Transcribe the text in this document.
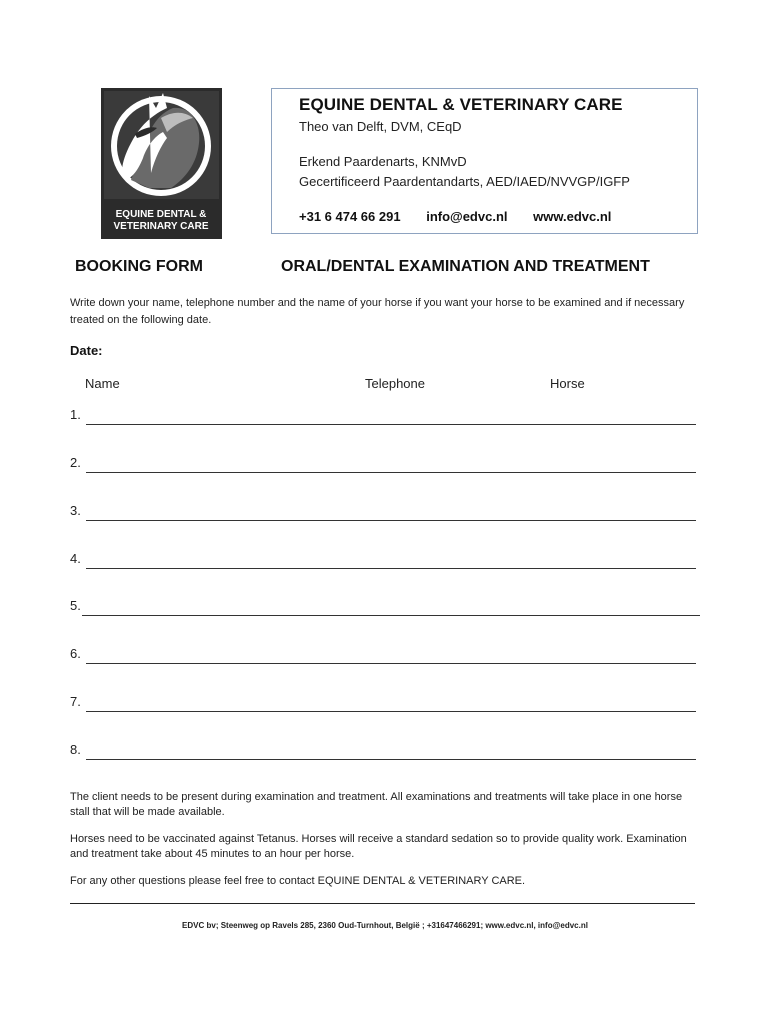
EQUINE DENTAL &
VETERINARY CARE
EQUINE DENTAL & VETERINARY CARE
Theo van Delft, DVM, CEqD
Erkend Paardenarts, KNMvD
Gecertificeerd Paardentandarts, AED/IAED/NVVGP/IGFP
+31 6 474 66 291 info@edvc.nl www.edvc.nl
BOOKING FORM	ORAL/DENTAL EXAMINATION AND TREATMENT
Write down your name, telephone number and the name of your horse if you want your horse to be examined and if necessary treated on the following date.
Date:
Name	Telephone	Horse
1.
2.
3.
4.
5.
6.
7.
8.
The client needs to be present during examination and treatment. All examinations and treatments will take place in one horse stall that will be made available.
Horses need to be vaccinated against Tetanus. Horses will receive a standard sedation so to provide quality work. Examination and treatment take about 45 minutes to an hour per horse.
For any other questions please feel free to contact EQUINE DENTAL & VETERINARY CARE.
EDVC bv; Steenweg op Ravels 285, 2360 Oud-Turnhout, België ; +31647466291; www.edvc.nl, info@edvc.nl
